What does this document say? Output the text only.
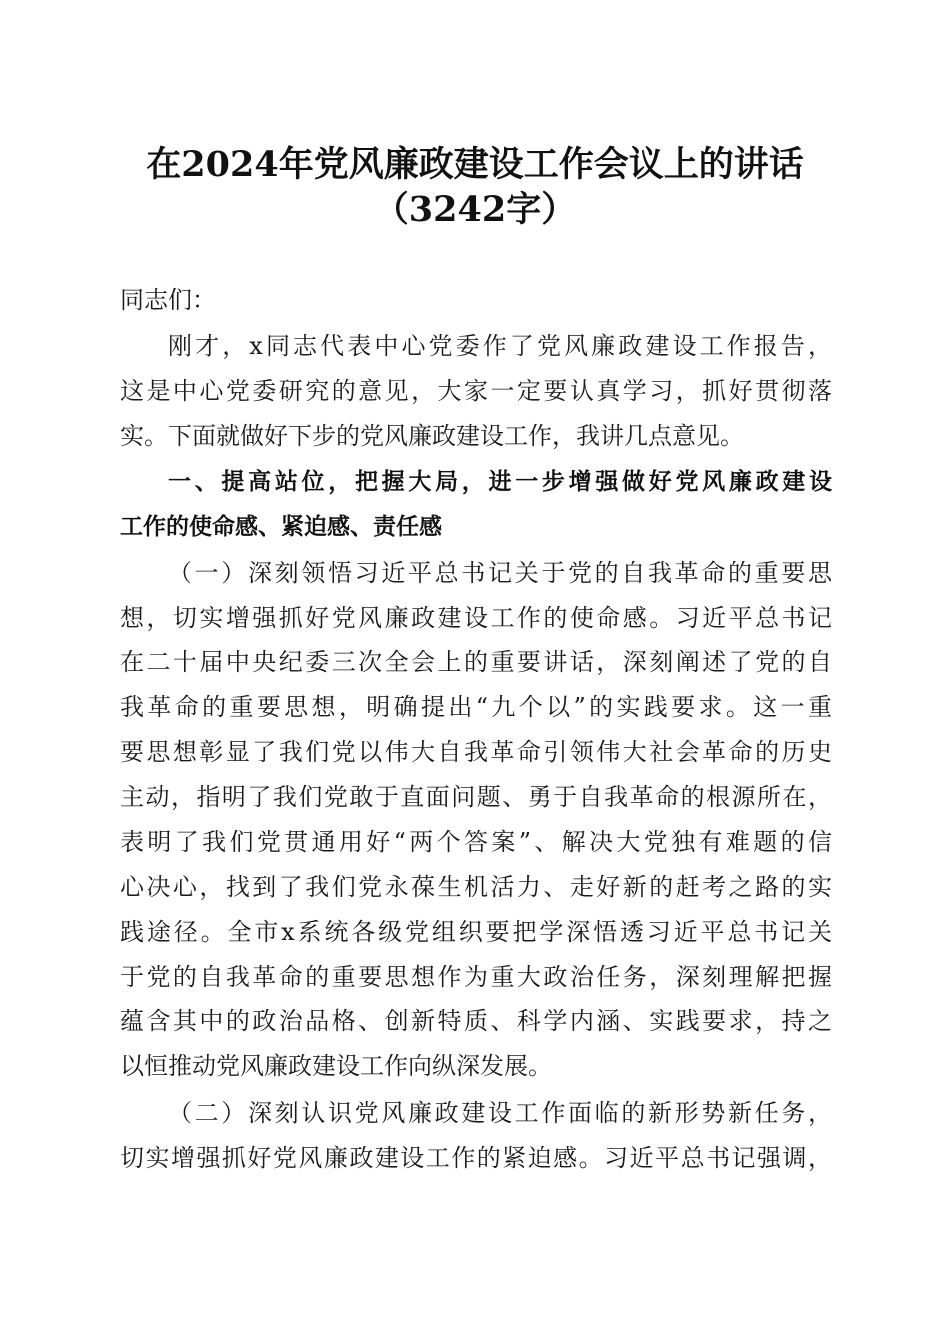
在2024年党风廉政建设工作会议上的讲话
（3242字）

同志们：

刚才，x同志代表中心党委作了党风廉政建设工作报告，

这是中心党委研究的意见，大家一定要认真学习，抓好贯彻落

实。下面就做好下步的党风廉政建设工作，我讲几点意见。

一、提高站位，把握大局，进一步增强做好党风廉政建设

工作的使命感、紧迫感、责任感

（一）深刻领悟习近平总书记关于党的自我革命的重要思

想，切实增强抓好党风廉政建设工作的使命感。习近平总书记

在二十届中央纪委三次全会上的重要讲话，深刻阐述了党的自

我革命的重要思想，明确提出“九个以”的实践要求。这一重

要思想彰显了我们党以伟大自我革命引领伟大社会革命的历史

主动，指明了我们党敢于直面问题、勇于自我革命的根源所在，

表明了我们党贯通用好“两个答案”、解决大党独有难题的信

心决心，找到了我们党永葆生机活力、走好新的赶考之路的实

践途径。全市x系统各级党组织要把学深悟透习近平总书记关

于党的自我革命的重要思想作为重大政治任务，深刻理解把握

蕴含其中的政治品格、创新特质、科学内涵、实践要求，持之

以恒推动党风廉政建设工作向纵深发展。

（二）深刻认识党风廉政建设工作面临的新形势新任务，

切实增强抓好党风廉政建设工作的紧迫感。习近平总书记强调，
